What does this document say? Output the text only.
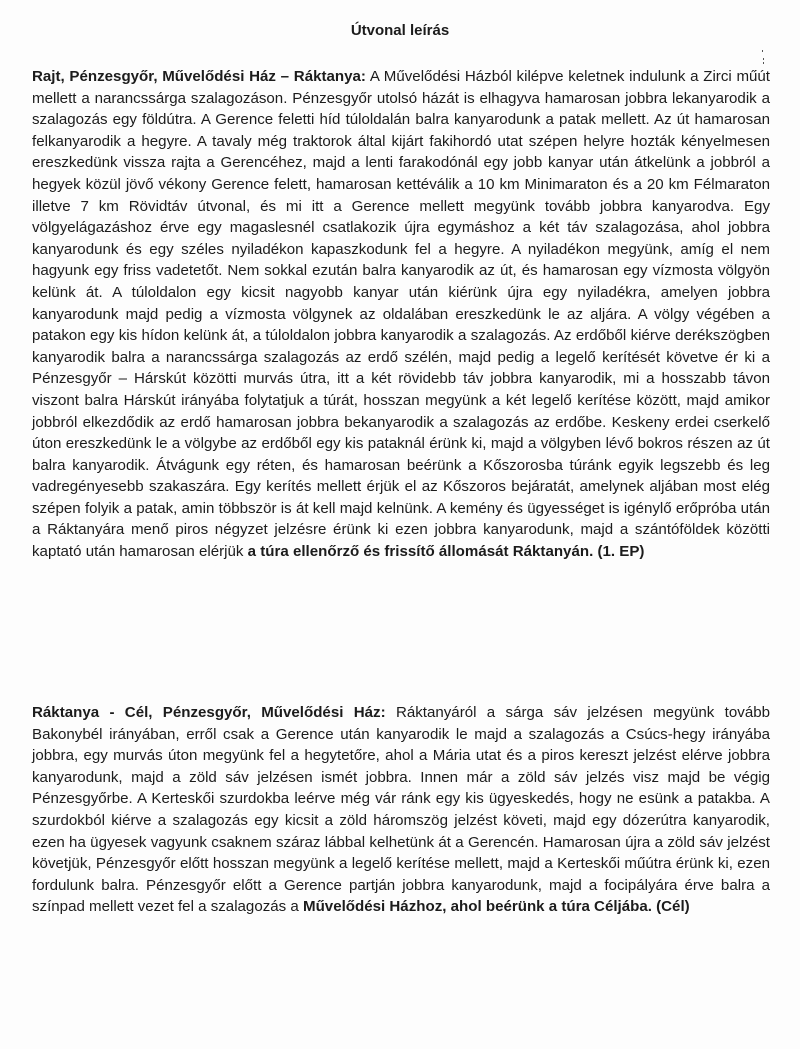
Útvonal leírás

Rajt, Pénzesgyőr, Művelődési Ház – Ráktanya: A Művelődési Házból kilépve keletnek indulunk a Zirci műút mellett a narancssárga szalagozáson. Pénzesgyőr utolsó házát is elhagyva hamarosan jobbra lekanyarodik a szalagozás egy földútra. A Gerence feletti híd túloldalán balra kanyarodunk a patak mellett. Az út hamarosan felkanyarodik a hegyre. A tavaly még traktorok által kijárt fakihordó utat szépen helyre hozták kényelmesen ereszkedünk vissza rajta a Gerencéhez, majd a lenti farakodónál egy jobb kanyar után átkelünk a jobbról a hegyek közül jövő vékony Gerence felett, hamarosan kettéválik a 10 km Minimaraton és a 20 km Félmaraton illetve 7 km Rövidtáv útvonal, és mi itt a Gerence mellett megyünk tovább jobbra kanyarodva. Egy völgyelágazáshoz érve egy magaslesnél csatlakozik újra egymáshoz a két táv szalagozása, ahol jobbra kanyarodunk és egy széles nyiladékon kapaszkodunk fel a hegyre. A nyiladékon megyünk, amíg el nem hagyunk egy friss vadetetőt. Nem sokkal ezután balra kanyarodik az út, és hamarosan egy vízmosta völgyön kelünk át. A túloldalon egy kicsit nagyobb kanyar után kiérünk újra egy nyiladékra, amelyen jobbra kanyarodunk majd pedig a vízmosta völgynek az oldalában ereszkedünk le az aljára. A völgy végében a patakon egy kis hídon kelünk át, a túloldalon jobbra kanyarodik a szalagozás. Az erdőből kiérve derékszögben kanyarodik balra a narancssárga szalagozás az erdő szélén, majd pedig a legelő kerítését követve ér ki a Pénzesgyőr – Hárskút közötti murvás útra, itt a két rövidebb táv jobbra kanyarodik, mi a hosszabb távon viszont balra Hárskút irányába folytatjuk a túrát, hosszan megyünk a két legelő kerítése között, majd amikor jobbról elkezdődik az erdő hamarosan jobbra bekanyarodik a szalagozás az erdőbe. Keskeny erdei cserkelő úton ereszkedünk le a völgybe az erdőből egy kis pataknál érünk ki, majd a völgyben lévő bokros részen az út balra kanyarodik. Átvágunk egy réten, és hamarosan beérünk a Kőszorosba túránk egyik legszebb és leg vadregényesebb szakaszára. Egy kerítés mellett érjük el az Kőszoros bejáratát, amelynek aljában most elég szépen folyik a patak, amin többször is át kell majd kelnünk. A kemény és ügyességet is igénylő erőpróba után a Ráktanyára menő piros négyzet jelzésre érünk ki ezen jobbra kanyarodunk, majd a szántóföldek közötti kaptató után hamarosan elérjük a túra ellenőrző és frissítő állomását Ráktanyán. (1. EP)

Ráktanya - Cél, Pénzesgyőr, Művelődési Ház: Ráktanyáról a sárga sáv jelzésen megyünk tovább Bakonybél irányában, erről csak a Gerence után kanyarodik le majd a szalagozás a Csúcs-hegy irányába jobbra, egy murvás úton megyünk fel a hegytetőre, ahol a Mária utat és a piros kereszt jelzést elérve jobbra kanyarodunk, majd a zöld sáv jelzésen ismét jobbra. Innen már a zöld sáv jelzés visz majd be végig Pénzesgyőrbe. A Kerteskői szurdokba leérve még vár ránk egy kis ügyeskedés, hogy ne esünk a patakba. A szurdokból kiérve a szalagozás egy kicsit a zöld háromszög jelzést követi, majd egy dózerútra kanyarodik, ezen ha ügyesek vagyunk csaknem száraz lábbal kelhetünk át a Gerencén. Hamarosan újra a zöld sáv jelzést követjük, Pénzesgyőr előtt hosszan megyünk a legelő kerítése mellett, majd a Kerteskői műútra érünk ki, ezen fordulunk balra. Pénzesgyőr előtt a Gerence partján jobbra kanyarodunk, majd a focipályára érve balra a színpad mellett vezet fel a szalagozás a Művelődési Házhoz, ahol beérünk a túra Céljába. (Cél)
